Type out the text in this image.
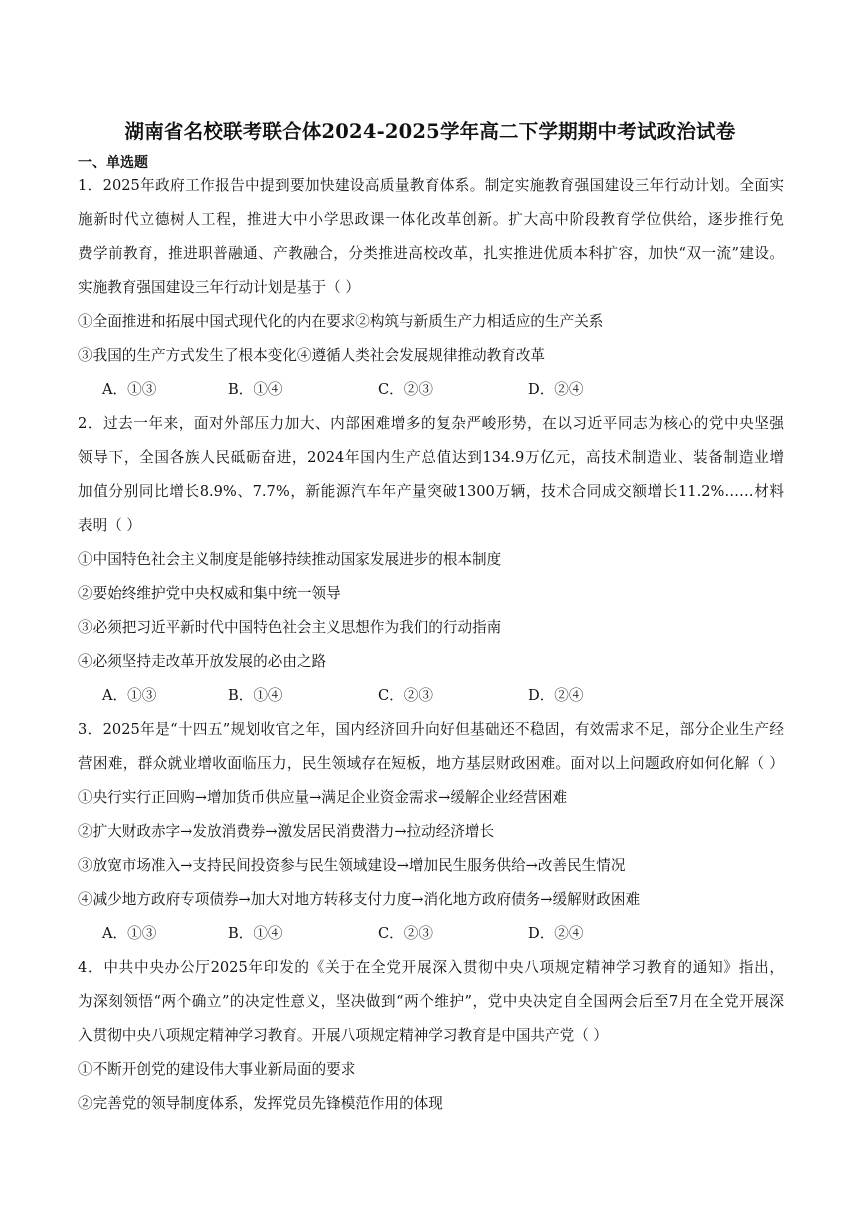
湖南省名校联考联合体2024-2025学年高二下学期期中考试政治试卷
一、单选题
1．2025年政府工作报告中提到要加快建设高质量教育体系。制定实施教育强国建设三年行动计划。全面实
施新时代立德树人工程，推进大中小学思政课一体化改革创新。扩大高中阶段教育学位供给，逐步推行免
费学前教育，推进职普融通、产教融合，分类推进高校改革，扎实推进优质本科扩容，加快“双一流”建设。
实施教育强国建设三年行动计划是基于（ ）
①全面推进和拓展中国式现代化的内在要求②构筑与新质生产力相适应的生产关系
③我国的生产方式发生了根本变化④遵循人类社会发展规律推动教育改革
A．①③	B．①④	C．②③	D．②④
2．过去一年来，面对外部压力加大、内部困难增多的复杂严峻形势，在以习近平同志为核心的党中央坚强
领导下，全国各族人民砥砺奋进，2024年国内生产总值达到134.9万亿元，高技术制造业、装备制造业增
加值分别同比增长8.9%、7.7%，新能源汽车年产量突破1300万辆，技术合同成交额增长11.2%……材料
表明（ ）
①中国特色社会主义制度是能够持续推动国家发展进步的根本制度
②要始终维护党中央权威和集中统一领导
③必须把习近平新时代中国特色社会主义思想作为我们的行动指南
④必须坚持走改革开放发展的必由之路
A．①③	B．①④	C．②③	D．②④
3．2025年是“十四五”规划收官之年，国内经济回升向好但基础还不稳固，有效需求不足，部分企业生产经
营困难，群众就业增收面临压力，民生领域存在短板，地方基层财政困难。面对以上问题政府如何化解（ ）
①央行实行正回购→增加货币供应量→满足企业资金需求→缓解企业经营困难
②扩大财政赤字→发放消费券→激发居民消费潜力→拉动经济增长
③放宽市场准入→支持民间投资参与民生领域建设→增加民生服务供给→改善民生情况
④减少地方政府专项债券→加大对地方转移支付力度→消化地方政府债务→缓解财政困难
A．①③	B．①④	C．②③	D．②④
4．中共中央办公厅2025年印发的《关于在全党开展深入贯彻中央八项规定精神学习教育的通知》指出，
为深刻领悟“两个确立”的决定性意义，坚决做到“两个维护”，党中央决定自全国两会后至7月在全党开展深
入贯彻中央八项规定精神学习教育。开展八项规定精神学习教育是中国共产党（ ）
①不断开创党的建设伟大事业新局面的要求
②完善党的领导制度体系，发挥党员先锋模范作用的体现
